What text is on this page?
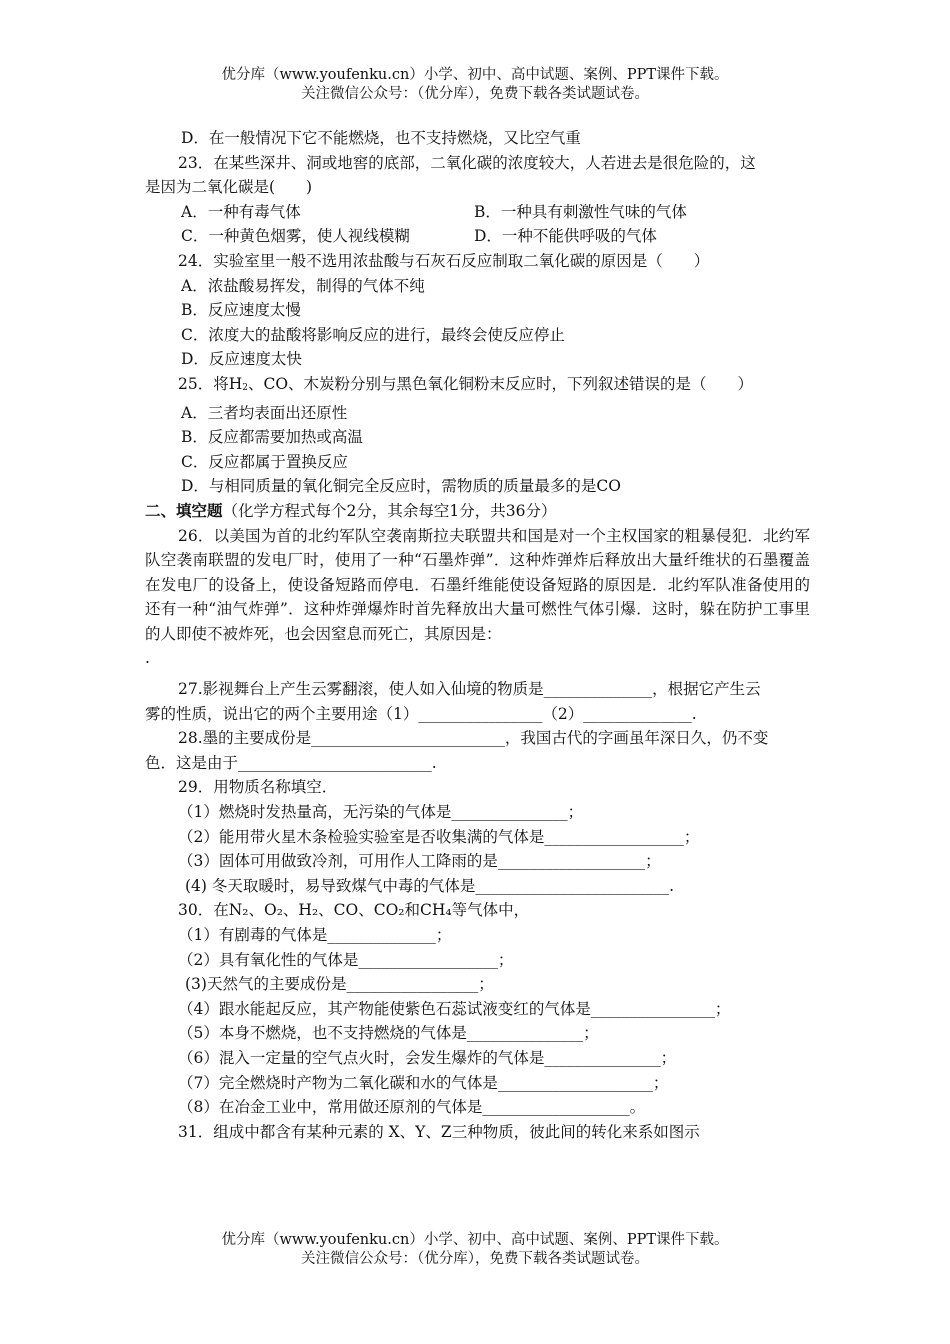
优分库（www.youfenku.cn）小学、初中、高中试题、案例、PPT课件下载。
关注微信公众号：（优分库），免费下载各类试题试卷。
D．在一般情况下它不能燃烧，也不支持燃烧，又比空气重
23．在某些深井、洞或地窖的底部，二氧化碳的浓度较大，人若进去是很危险的，这
是因为二氧化碳是(　　)
A．一种有毒气体	B．一种具有刺激性气味的气体
C．一种黄色烟雾，使人视线模糊	D．一种不能供呼吸的气体
24．实验室里一般不选用浓盐酸与石灰石反应制取二氧化碳的原因是（　　）
A．浓盐酸易挥发，制得的气体不纯
B．反应速度太慢
C．浓度大的盐酸将影响反应的进行，最终会使反应停止
D．反应速度太快
25．将$H_2$、CO、木炭粉分别与黑色氧化铜粉末反应时，下列叙述错误的是（　　）
A．三者均表面出还原性
B．反应都需要加热或高温
C．反应都属于置换反应
D．与相同质量的氧化铜完全反应时，需物质的质量最多的是CO
二、填空题（化学方程式每个2分，其余每空1分，共36分）
26．以美国为首的北约军队空袭南斯拉夫联盟共和国是对一个主权国家的粗暴侵犯．北约军队空袭南联盟的发电厂时，使用了一种“石墨炸弹”．这种炸弹炸后释放出大量纤维状的石墨覆盖在发电厂的设备上，使设备短路而停电．石墨纤维能使设备短路的原因是．北约军队准备使用的还有一种“油气炸弹”．这种炸弹爆炸时首先释放出大量可燃性气体引爆．这时，躲在防护工事里的人即使不被炸死，也会因窒息而死亡，其原因是：
.
27.影视舞台上产生云雾翻滚，使人如入仙境的物质是______________，根据它产生云
雾的性质，说出它的两个主要用途（1）________________（2）______________.
28.墨的主要成份是_________________________，我国古代的字画虽年深日久，仍不变
色．这是由于_________________________.
29．用物质名称填空．
（1）燃烧时发热量高，无污染的气体是_______________；
（2）能用带火星木条检验实验室是否收集满的气体是__________________；
（3）固体可用做致冷剂，可用作人工降雨的是___________________；
(4) 冬天取暖时，易导致煤气中毒的气体是_________________________.
30．在N₂、O₂、H₂、CO、CO₂和CH₄等气体中，
（1）有剧毒的气体是______________；
（2）具有氧化性的气体是__________________；
(3)天然气的主要成份是_________________；
（4）跟水能起反应，其产物能使紫色石蕊试液变红的气体是________________；
（5）本身不燃烧，也不支持燃烧的气体是_______________；
（6）混入一定量的空气点火时，会发生爆炸的气体是_______________；
（7）完全燃烧时产物为二氧化碳和水的气体是____________________；
（8）在冶金工业中，常用做还原剂的气体是___________________。
31．组成中都含有某种元素的 X、Y、Z三种物质，彼此间的转化来系如图示
优分库（www.youfenku.cn）小学、初中、高中试题、案例、PPT课件下载。
关注微信公众号：（优分库），免费下载各类试题试卷。
